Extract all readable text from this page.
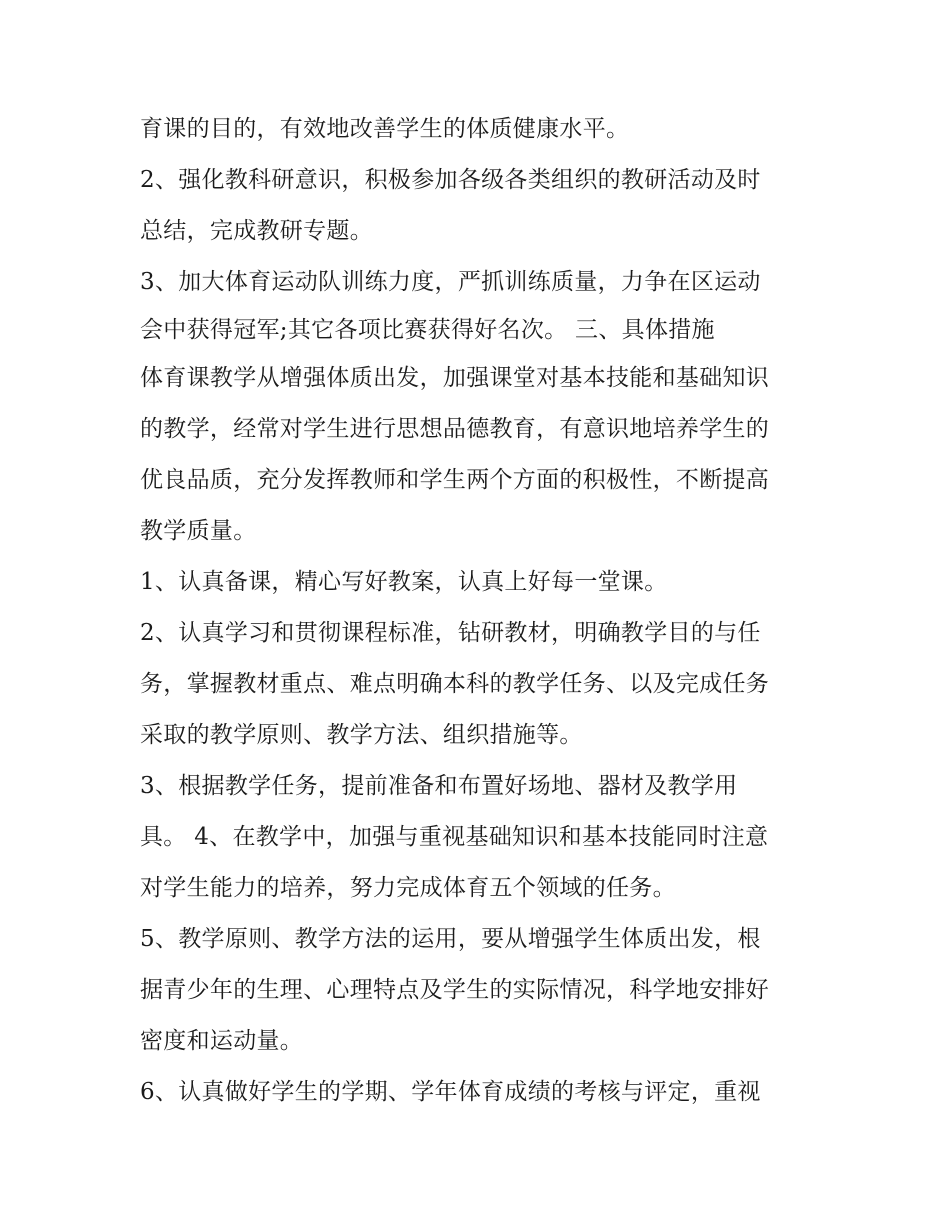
育课的目的，有效地改善学生的体质健康水平。
2、强化教科研意识，积极参加各级各类组织的教研活动及时
总结，完成教研专题。
3、加大体育运动队训练力度，严抓训练质量，力争在区运动
会中获得冠军;其它各项比赛获得好名次。 三、具体措施
体育课教学从增强体质出发，加强课堂对基本技能和基础知识
的教学，经常对学生进行思想品德教育，有意识地培养学生的
优良品质，充分发挥教师和学生两个方面的积极性，不断提高
教学质量。
1、认真备课，精心写好教案，认真上好每一堂课。
2、认真学习和贯彻课程标准，钻研教材，明确教学目的与任
务，掌握教材重点、难点明确本科的教学任务、以及完成任务
采取的教学原则、教学方法、组织措施等。
3、根据教学任务，提前准备和布置好场地、器材及教学用
具。 4、在教学中，加强与重视基础知识和基本技能同时注意
对学生能力的培养，努力完成体育五个领域的任务。
5、教学原则、教学方法的运用，要从增强学生体质出发，根
据青少年的生理、心理特点及学生的实际情况，科学地安排好
密度和运动量。
6、认真做好学生的学期、学年体育成绩的考核与评定，重视
